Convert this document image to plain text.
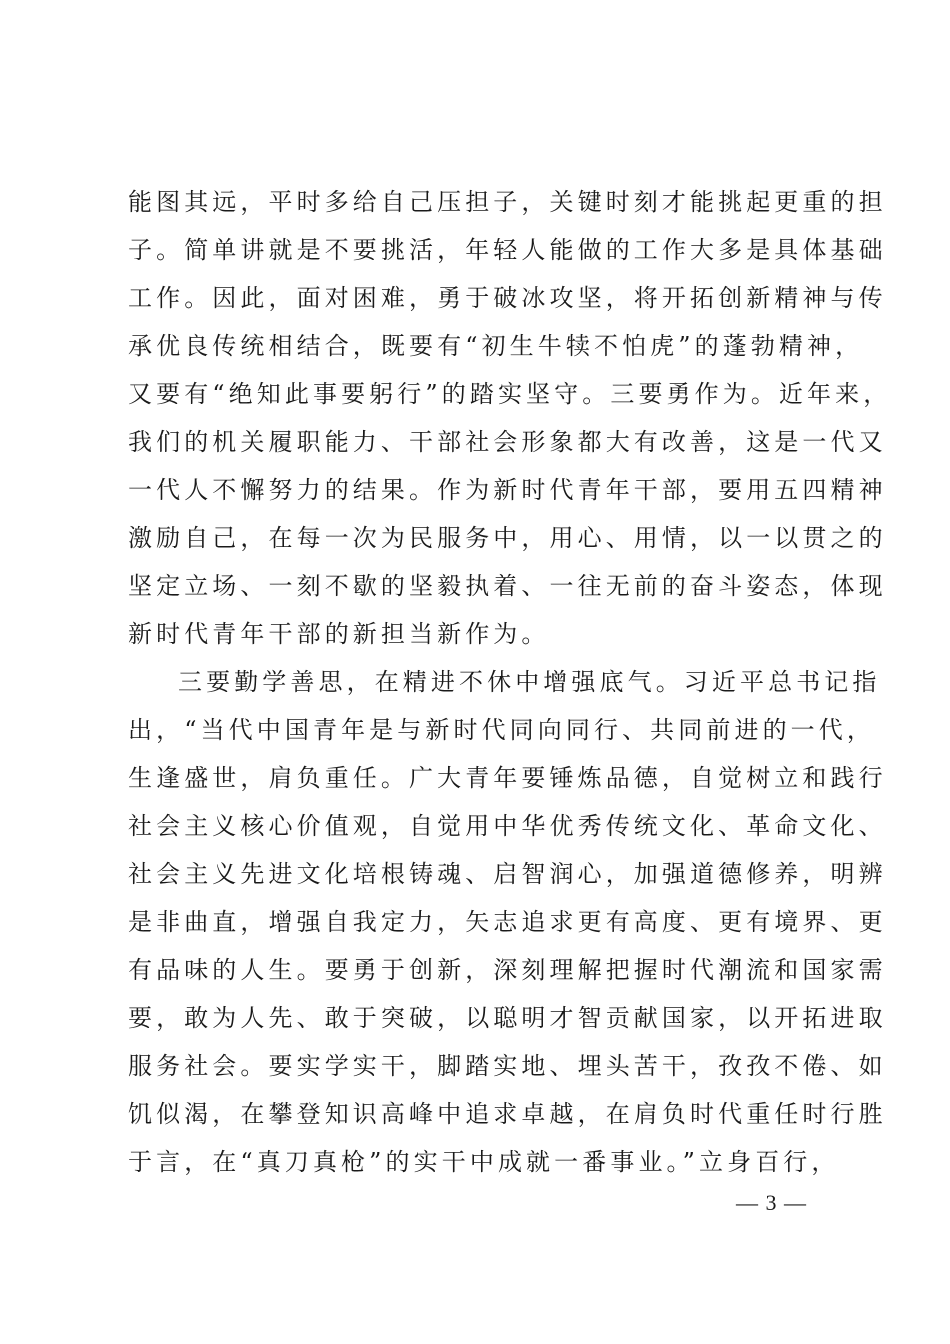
能图其远，平时多给自己压担子，关键时刻才能挑起更重的担
子。简单讲就是不要挑活，年轻人能做的工作大多是具体基础
工作。因此，面对困难，勇于破冰攻坚，将开拓创新精神与传
承优良传统相结合，既要有“初生牛犊不怕虎”的蓬勃精神，
又要有“绝知此事要躬行”的踏实坚守。三要勇作为。近年来，
我们的机关履职能力、干部社会形象都大有改善，这是一代又
一代人不懈努力的结果。作为新时代青年干部，要用五四精神
激励自己，在每一次为民服务中，用心、用情，以一以贯之的
坚定立场、一刻不歇的坚毅执着、一往无前的奋斗姿态，体现
新时代青年干部的新担当新作为。
三要勤学善思，在精进不休中增强底气。习近平总书记指
出，“当代中国青年是与新时代同向同行、共同前进的一代，
生逢盛世，肩负重任。广大青年要锤炼品德，自觉树立和践行
社会主义核心价值观，自觉用中华优秀传统文化、革命文化、
社会主义先进文化培根铸魂、启智润心，加强道德修养，明辨
是非曲直，增强自我定力，矢志追求更有高度、更有境界、更
有品味的人生。要勇于创新，深刻理解把握时代潮流和国家需
要，敢为人先、敢于突破，以聪明才智贡献国家，以开拓进取
服务社会。要实学实干，脚踏实地、埋头苦干，孜孜不倦、如
饥似渴，在攀登知识高峰中追求卓越，在肩负时代重任时行胜
于言，在“真刀真枪”的实干中成就一番事业。”立身百行，
— 3 —
